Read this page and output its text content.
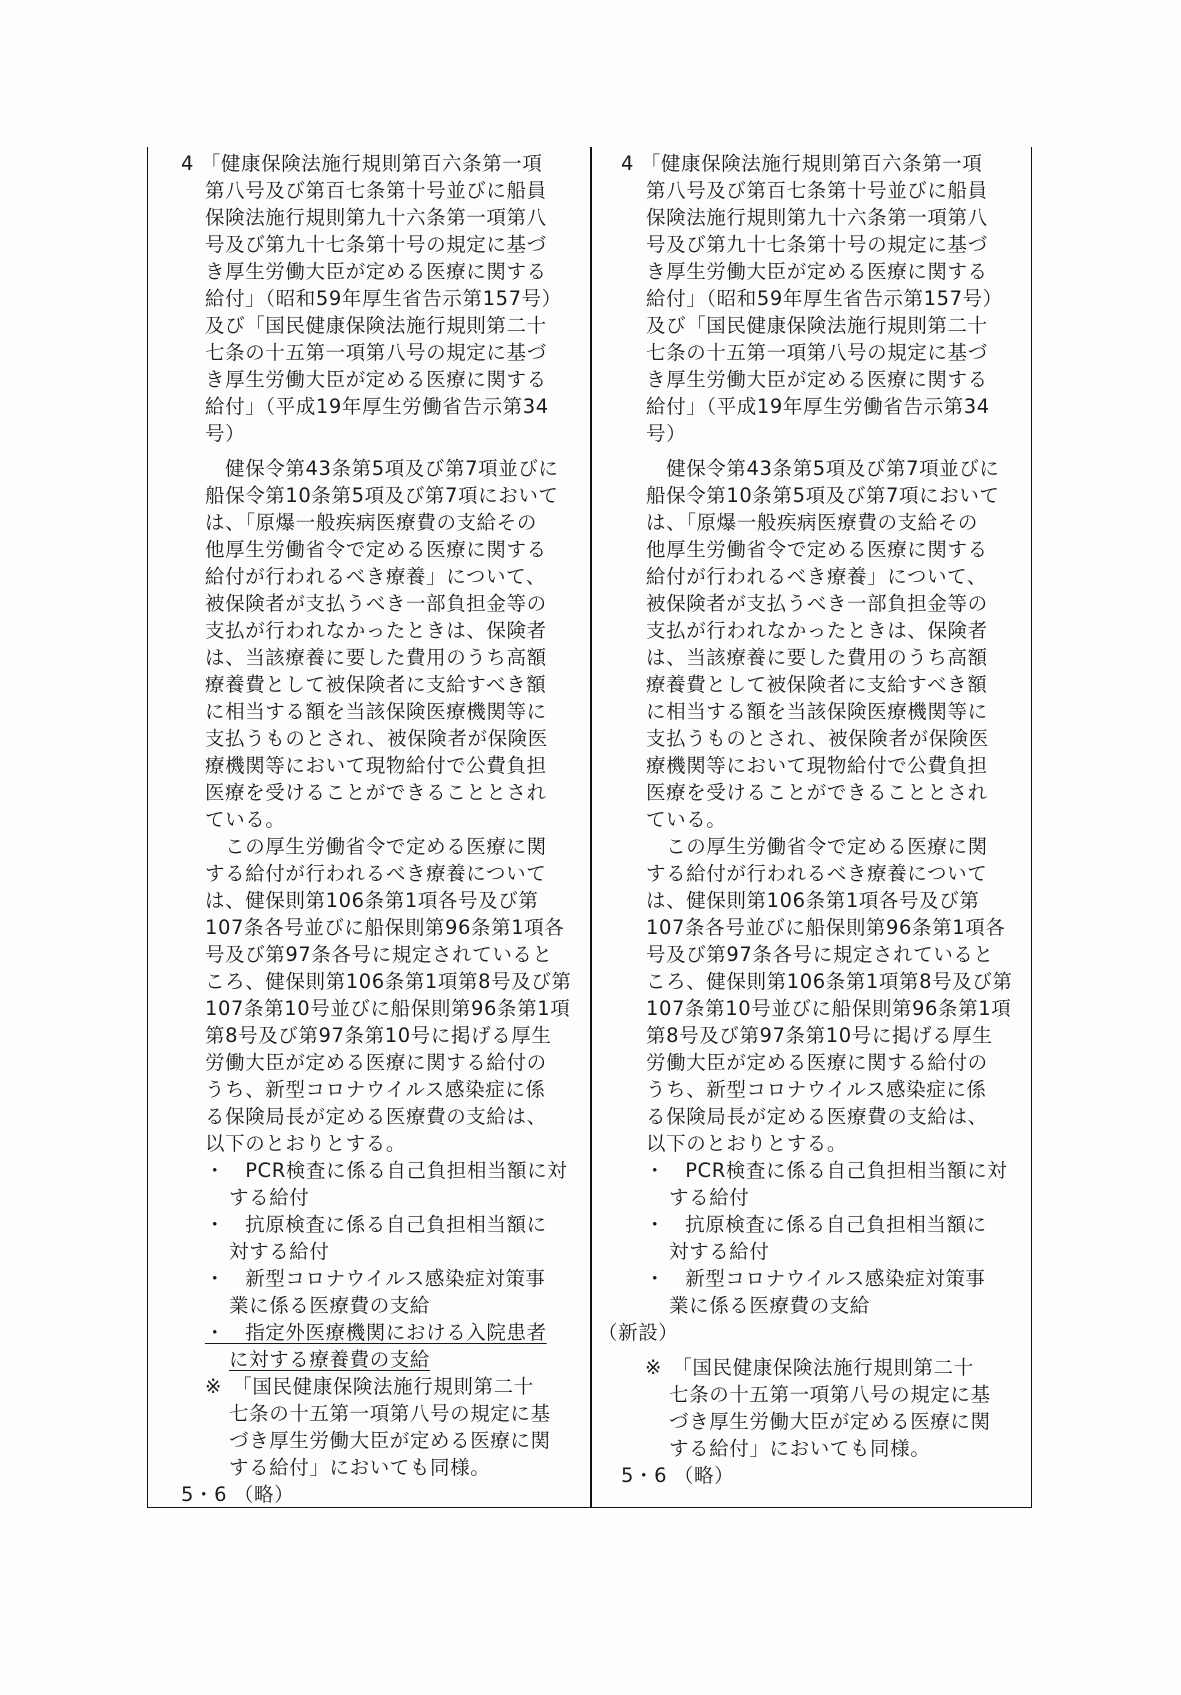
4 「健康保険法施行規則第百六条第一項
第八号及び第百七条第十号並びに船員
保険法施行規則第九十六条第一項第八
号及び第九十七条第十号の規定に基づ
き厚生労働大臣が定める医療に関する
給付」（昭和59年厚生省告示第157号）
及び「国民健康保険法施行規則第二十
七条の十五第一項第八号の規定に基づ
き厚生労働大臣が定める医療に関する
給付」（平成19年厚生労働省告示第34
号）
　健保令第43条第5項及び第7項並びに
船保令第10条第5項及び第7項において
は、「原爆一般疾病医療費の支給その
他厚生労働省令で定める医療に関する
給付が行われるべき療養」について、
被保険者が支払うべき一部負担金等の
支払が行われなかったときは、保険者
は、当該療養に要した費用のうち高額
療養費として被保険者に支給すべき額
に相当する額を当該保険医療機関等に
支払うものとされ、被保険者が保険医
療機関等において現物給付で公費負担
医療を受けることができることとされ
ている。
　この厚生労働省令で定める医療に関
する給付が行われるべき療養について
は、健保則第106条第1項各号及び第
107条各号並びに船保則第96条第1項各
号及び第97条各号に規定されていると
ころ、健保則第106条第1項第8号及び第
107条第10号並びに船保則第96条第1項
第8号及び第97条第10号に掲げる厚生
労働大臣が定める医療に関する給付の
うち、新型コロナウイルス感染症に係
る保険局長が定める医療費の支給は、
以下のとおりとする。
・　PCR検査に係る自己負担相当額に対
する給付
・　抗原検査に係る自己負担相当額に
対する給付
・　新型コロナウイルス感染症対策事
業に係る医療費の支給
・　指定外医療機関における入院患者
に対する療養費の支給
※　「国民健康保険法施行規則第二十
七条の十五第一項第八号の規定に基
づき厚生労働大臣が定める医療に関
する給付」においても同様。
5・6 （略）
4 「健康保険法施行規則第百六条第一項
第八号及び第百七条第十号並びに船員
保険法施行規則第九十六条第一項第八
号及び第九十七条第十号の規定に基づ
き厚生労働大臣が定める医療に関する
給付」（昭和59年厚生省告示第157号）
及び「国民健康保険法施行規則第二十
七条の十五第一項第八号の規定に基づ
き厚生労働大臣が定める医療に関する
給付」（平成19年厚生労働省告示第34
号）
　健保令第43条第5項及び第7項並びに
船保令第10条第5項及び第7項において
は、「原爆一般疾病医療費の支給その
他厚生労働省令で定める医療に関する
給付が行われるべき療養」について、
被保険者が支払うべき一部負担金等の
支払が行われなかったときは、保険者
は、当該療養に要した費用のうち高額
療養費として被保険者に支給すべき額
に相当する額を当該保険医療機関等に
支払うものとされ、被保険者が保険医
療機関等において現物給付で公費負担
医療を受けることができることとされ
ている。
　この厚生労働省令で定める医療に関
する給付が行われるべき療養について
は、健保則第106条第1項各号及び第
107条各号並びに船保則第96条第1項各
号及び第97条各号に規定されていると
ころ、健保則第106条第1項第8号及び第
107条第10号並びに船保則第96条第1項
第8号及び第97条第10号に掲げる厚生
労働大臣が定める医療に関する給付の
うち、新型コロナウイルス感染症に係
る保険局長が定める医療費の支給は、
以下のとおりとする。
・　PCR検査に係る自己負担相当額に対
する給付
・　抗原検査に係る自己負担相当額に
対する給付
・　新型コロナウイルス感染症対策事
業に係る医療費の支給
（新設）
※　「国民健康保険法施行規則第二十
七条の十五第一項第八号の規定に基
づき厚生労働大臣が定める医療に関
する給付」においても同様。
5・6 （略）
